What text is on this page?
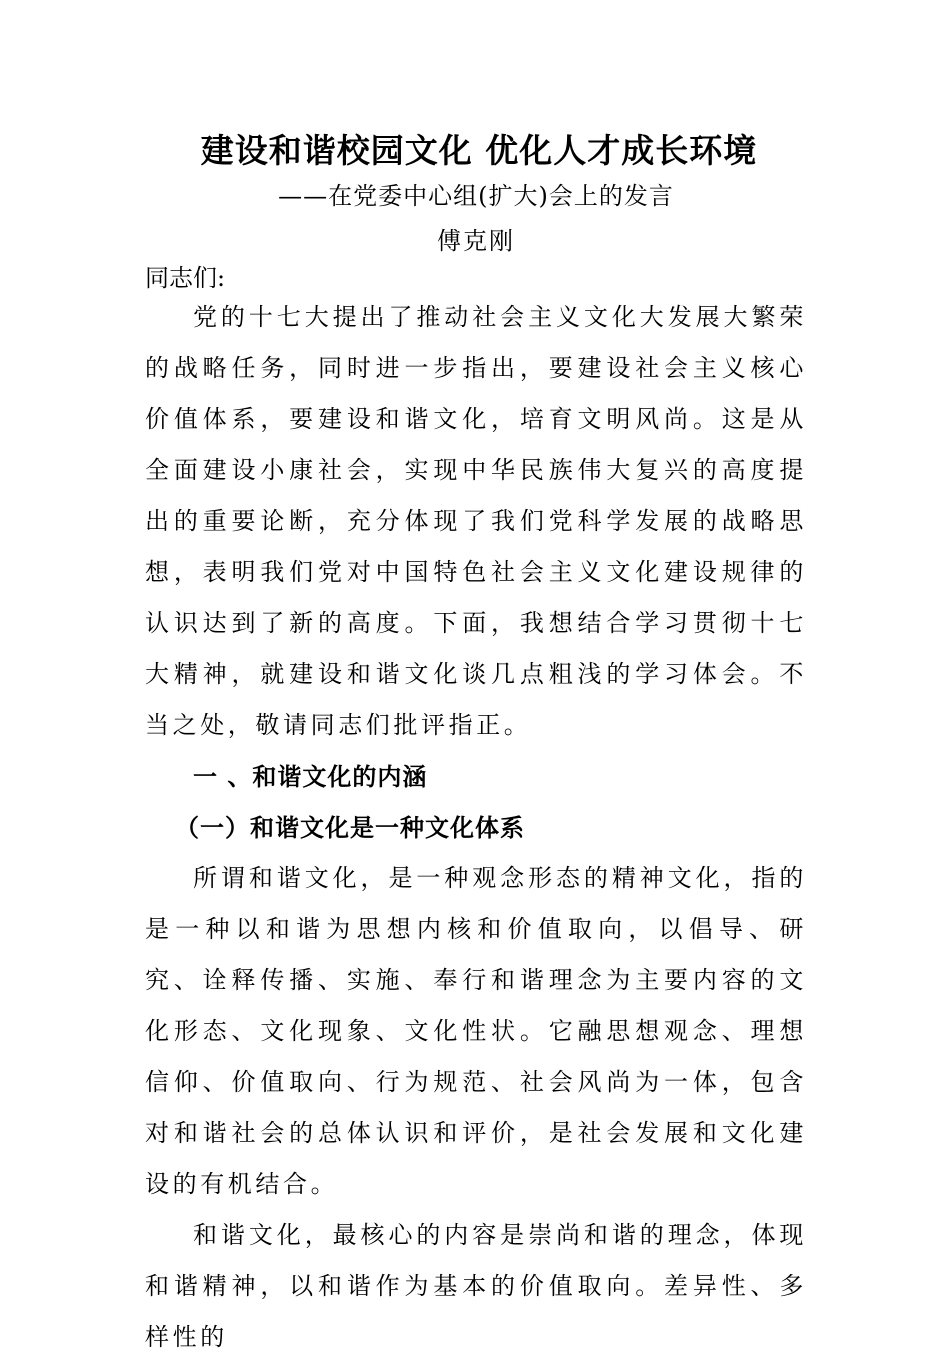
建设和谐校园文化 优化人才成长环境

——在党委中心组(扩大)会上的发言

傅克刚

同志们:

党的十七大提出了推动社会主义文化大发展大繁荣的战略任务，同时进一步指出，要建设社会主义核心价值体系，要建设和谐文化，培育文明风尚。这是从全面建设小康社会，实现中华民族伟大复兴的高度提出的重要论断，充分体现了我们党科学发展的战略思想，表明我们党对中国特色社会主义文化建设规律的认识达到了新的高度。下面，我想结合学习贯彻十七大精神，就建设和谐文化谈几点粗浅的学习体会。不当之处，敬请同志们批评指正。

一 、和谐文化的内涵

（一）和谐文化是一种文化体系

所谓和谐文化，是一种观念形态的精神文化，指的是一种以和谐为思想内核和价值取向，以倡导、研究、诠释传播、实施、奉行和谐理念为主要内容的文化形态、文化现象、文化性状。它融思想观念、理想信仰、价值取向、行为规范、社会风尚为一体，包含对和谐社会的总体认识和评价，是社会发展和文化建设的有机结合。

和谐文化，最核心的内容是崇尚和谐的理念，体现和谐精神，以和谐作为基本的价值取向。差异性、多样性的
